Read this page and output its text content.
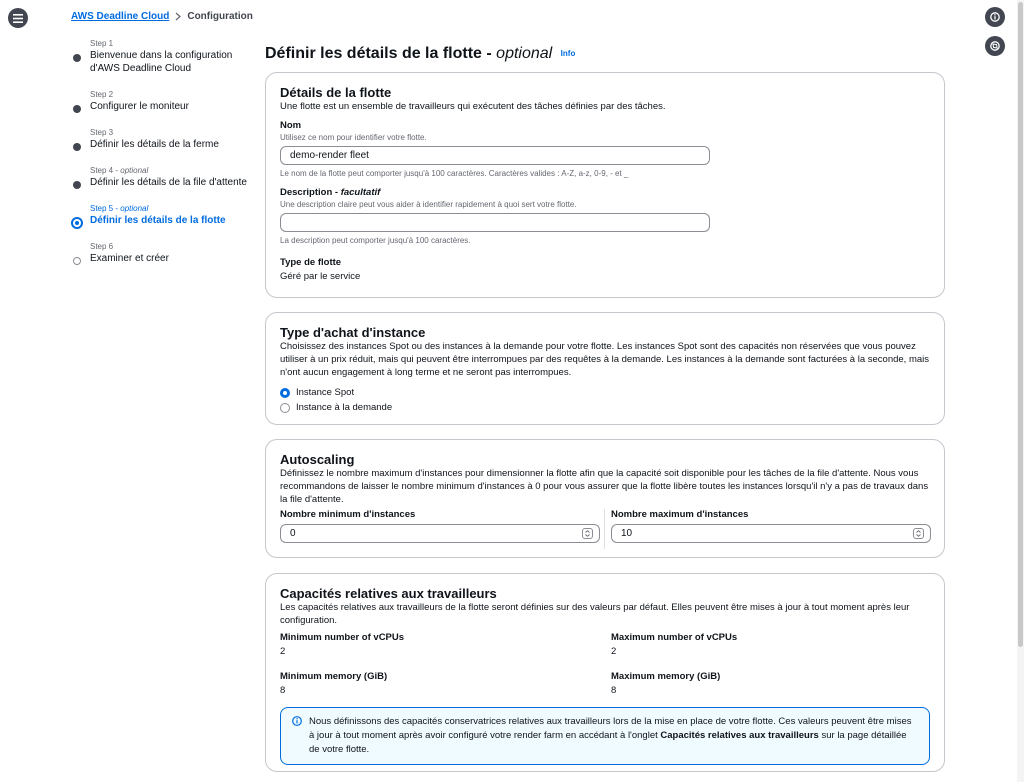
AWS Deadline Cloud Configuration
Step 1
Bienvenue dans la configuration d'AWS Deadline Cloud
Step 2
Configurer le moniteur
Step 3
Définir les détails de la ferme
Step 4 - optional
Définir les détails de la file d'attente
Step 5 - optional
Définir les détails de la flotte
Step 6
Examiner et créer
Définir les détails de la flotte - optional Info
Détails de la flotte
Une flotte est un ensemble de travailleurs qui exécutent des tâches définies par des tâches.
Nom
Utilisez ce nom pour identifier votre flotte.
demo-render fleet
Le nom de la flotte peut comporter jusqu'à 100 caractères. Caractères valides : A-Z, a-z, 0-9, - et _
Description - facultatif
Une description claire peut vous aider à identifier rapidement à quoi sert votre flotte.
La description peut comporter jusqu'à 100 caractères.
Type de flotte
Géré par le service
Type d'achat d'instance
Choisissez des instances Spot ou des instances à la demande pour votre flotte. Les instances Spot sont des capacités non réservées que vous pouvez utiliser à un prix réduit, mais qui peuvent être interrompues par des requêtes à la demande. Les instances à la demande sont facturées à la seconde, mais n'ont aucun engagement à long terme et ne seront pas interrompues.
Instance Spot
Instance à la demande
Autoscaling
Définissez le nombre maximum d'instances pour dimensionner la flotte afin que la capacité soit disponible pour les tâches de la file d'attente. Nous vous recommandons de laisser le nombre minimum d'instances à 0 pour vous assurer que la flotte libère toutes les instances lorsqu'il n'y a pas de travaux dans la file d'attente.
Nombre minimum d'instances
0
Nombre maximum d'instances
10
Capacités relatives aux travailleurs
Les capacités relatives aux travailleurs de la flotte seront définies sur des valeurs par défaut. Elles peuvent être mises à jour à tout moment après leur configuration.
Minimum number of vCPUs
2
Maximum number of vCPUs
2
Minimum memory (GiB)
8
Maximum memory (GiB)
8
Nous définissons des capacités conservatrices relatives aux travailleurs lors de la mise en place de votre flotte. Ces valeurs peuvent être mises à jour à tout moment après avoir configuré votre render farm en accédant à l'onglet Capacités relatives aux travailleurs sur la page détaillée de votre flotte.
